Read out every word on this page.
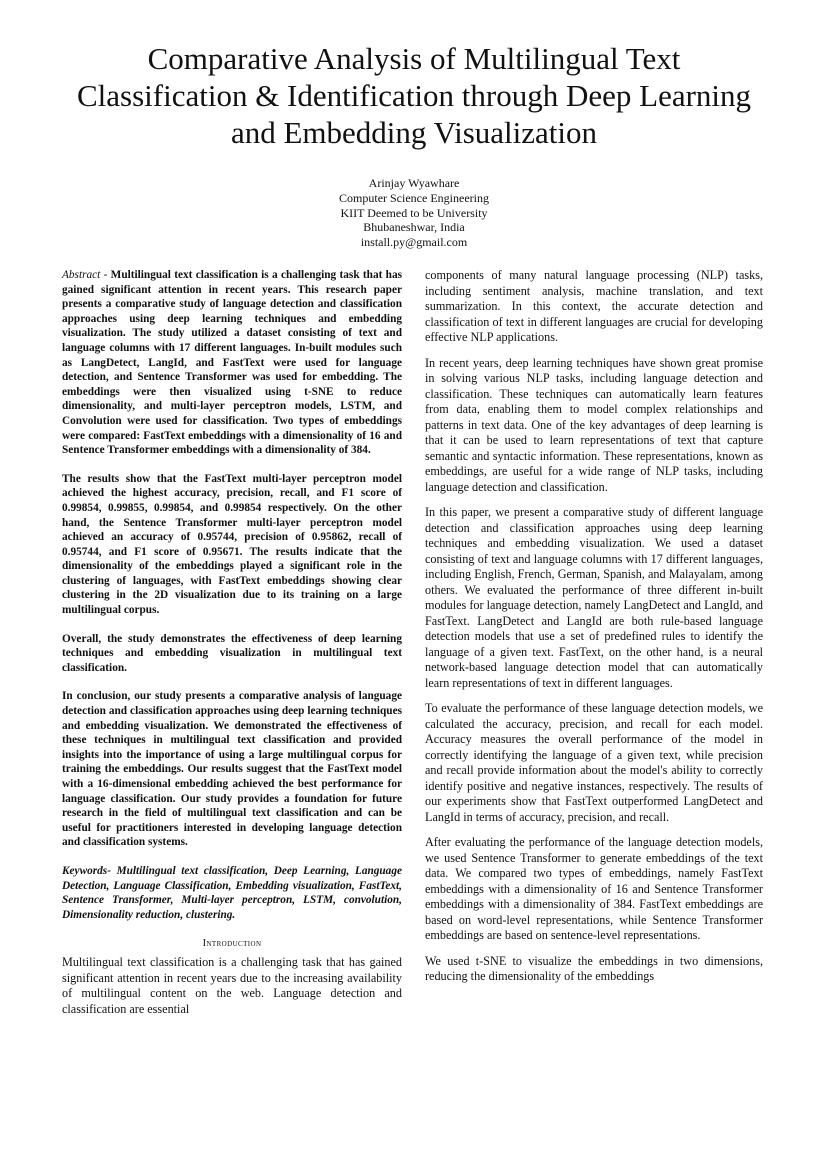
Comparative Analysis of Multilingual Text Classification & Identification through Deep Learning and Embedding Visualization
Arinjay Wyawhare
Computer Science Engineering
KIIT Deemed to be University
Bhubaneshwar, India
install.py@gmail.com

Abstract - Multilingual text classification is a challenging task that has gained significant attention in recent years. This research paper presents a comparative study of language detection and classification approaches using deep learning techniques and embedding visualization. The study utilized a dataset consisting of text and language columns with 17 different languages. In-built modules such as LangDetect, LangId, and FastText were used for language detection, and Sentence Transformer was used for embedding. The embeddings were then visualized using t-SNE to reduce dimensionality, and multi-layer perceptron models, LSTM, and Convolution were used for classification. Two types of embeddings were compared: FastText embeddings with a dimensionality of 16 and Sentence Transformer embeddings with a dimensionality of 384.

The results show that the FastText multi-layer perceptron model achieved the highest accuracy, precision, recall, and F1 score of 0.99854, 0.99855, 0.99854, and 0.99854 respectively. On the other hand, the Sentence Transformer multi-layer perceptron model achieved an accuracy of 0.95744, precision of 0.95862, recall of 0.95744, and F1 score of 0.95671. The results indicate that the dimensionality of the embeddings played a significant role in the clustering of languages, with FastText embeddings showing clear clustering in the 2D visualization due to its training on a large multilingual corpus.

Overall, the study demonstrates the effectiveness of deep learning techniques and embedding visualization in multilingual text classification.

In conclusion, our study presents a comparative analysis of language detection and classification approaches using deep learning techniques and embedding visualization. We demonstrated the effectiveness of these techniques in multilingual text classification and provided insights into the importance of using a large multilingual corpus for training the embeddings. Our results suggest that the FastText model with a 16-dimensional embedding achieved the best performance for language classification. Our study provides a foundation for future research in the field of multilingual text classification and can be useful for practitioners interested in developing language detection and classification systems.

Keywords- Multilingual text classification, Deep Learning, Language Detection, Language Classification, Embedding visualization, FastText, Sentence Transformer, Multi-layer perceptron, LSTM, convolution, Dimensionality reduction, clustering.

Introduction

Multilingual text classification is a challenging task that has gained significant attention in recent years due to the increasing availability of multilingual content on the web. Language detection and classification are essential

components of many natural language processing (NLP) tasks, including sentiment analysis, machine translation, and text summarization. In this context, the accurate detection and classification of text in different languages are crucial for developing effective NLP applications.

In recent years, deep learning techniques have shown great promise in solving various NLP tasks, including language detection and classification. These techniques can automatically learn features from data, enabling them to model complex relationships and patterns in text data. One of the key advantages of deep learning is that it can be used to learn representations of text that capture semantic and syntactic information. These representations, known as embeddings, are useful for a wide range of NLP tasks, including language detection and classification.

In this paper, we present a comparative study of different language detection and classification approaches using deep learning techniques and embedding visualization. We used a dataset consisting of text and language columns with 17 different languages, including English, French, German, Spanish, and Malayalam, among others. We evaluated the performance of three different in-built modules for language detection, namely LangDetect and LangId, and FastText. LangDetect and LangId are both rule-based language detection models that use a set of predefined rules to identify the language of a given text. FastText, on the other hand, is a neural network-based language detection model that can automatically learn representations of text in different languages.

To evaluate the performance of these language detection models, we calculated the accuracy, precision, and recall for each model. Accuracy measures the overall performance of the model in correctly identifying the language of a given text, while precision and recall provide information about the model's ability to correctly identify positive and negative instances, respectively. The results of our experiments show that FastText outperformed LangDetect and LangId in terms of accuracy, precision, and recall.

After evaluating the performance of the language detection models, we used Sentence Transformer to generate embeddings of the text data. We compared two types of embeddings, namely FastText embeddings with a dimensionality of 16 and Sentence Transformer embeddings with a dimensionality of 384. FastText embeddings are based on word-level representations, while Sentence Transformer embeddings are based on sentence-level representations.

We used t-SNE to visualize the embeddings in two dimensions, reducing the dimensionality of the embeddings
